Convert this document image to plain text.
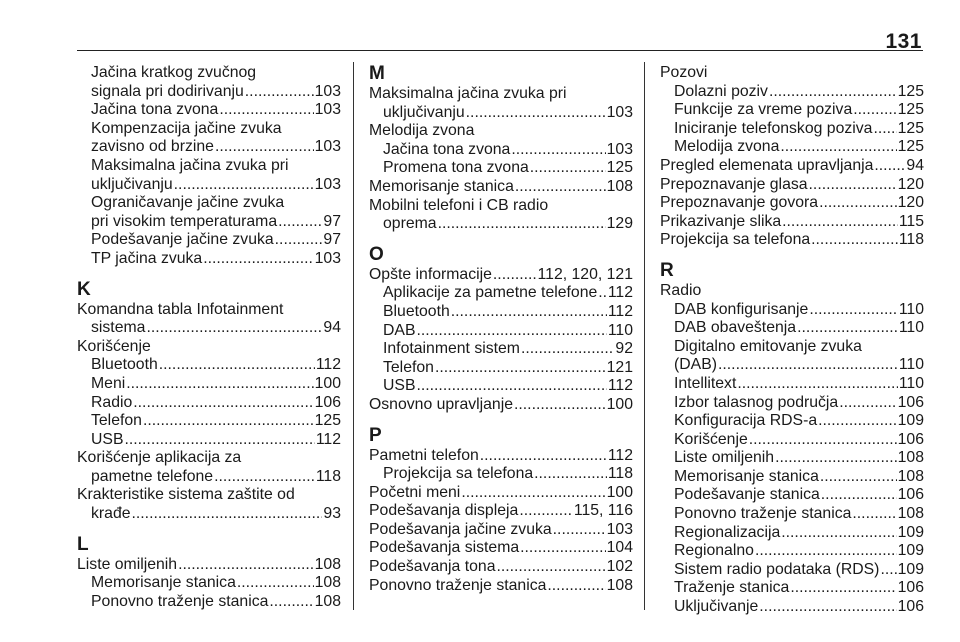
131
Jačina kratkog zvučnog
signala pri dodirivanju .....	103
Jačina tona zvona .....	103
Kompenzacija jačine zvuka
zavisno od brzine .....	103
Maksimalna jačina zvuka pri
uključivanju .....	103
Ograničavanje jačine zvuka
pri visokim temperaturama .....	97
Podešavanje jačine zvuka .....	97
TP jačina zvuka .....	103
K
Komandna tabla Infotainment
sistema .....	94
Korišćenje
Bluetooth .....	112
Meni .....	100
Radio .....	106
Telefon .....	125
USB .....	112
Korišćenje aplikacija za
pametne telefone .....	118
Krakteristike sistema zaštite od
krađe .....	93
L
Liste omiljenih .....	108
Memorisanje stanica .....	108
Ponovno traženje stanica .....	108
M
Maksimalna jačina zvuka pri
uključivanju .....	103
Melodija zvona
Jačina tona zvona .....	103
Promena tona zvona .....	125
Memorisanje stanica .....	108
Mobilni telefoni i CB radio
oprema .....	129
O
Opšte informacije .....	112, 120, 121
Aplikacije za pametne telefone ..... 112
Bluetooth .....	112
DAB .....	110
Infotainment sistem .....	92
Telefon .....	121
USB .....	112
Osnovno upravljanje .....	100
P
Pametni telefon .....	112
Projekcija sa telefona .....	118
Početni meni .....	100
Podešavanja displeja .....	115, 116
Podešavanja jačine zvuka .....	103
Podešavanja sistema .....	104
Podešavanja tona .....	102
Ponovno traženje stanica .....	108
Pozovi
Dolazni poziv .....	125
Funkcije za vreme poziva .....	125
Iniciranje telefonskog poziva ..... 125
Melodija zvona .....	125
Pregled elemenata upravljanja ..... 94
Prepoznavanje glasa .....	120
Prepoznavanje govora .....	120
Prikazivanje slika .....	115
Projekcija sa telefona .....	118
R
Radio
DAB konfigurisanje .....	110
DAB obaveštenja .....	110
Digitalno emitovanje zvuka
(DAB) .....	110
Intellitext .....	110
Izbor talasnog područja .....	106
Konfiguracija RDS-a .....	109
Korišćenje .....	106
Liste omiljenih .....	108
Memorisanje stanica .....	108
Podešavanje stanica .....	106
Ponovno traženje stanica .....	108
Regionalizacija .....	109
Regionalno .....	109
Sistem radio podataka (RDS) ..... 109
Traženje stanica .....	106
Uključivanje .....	106
